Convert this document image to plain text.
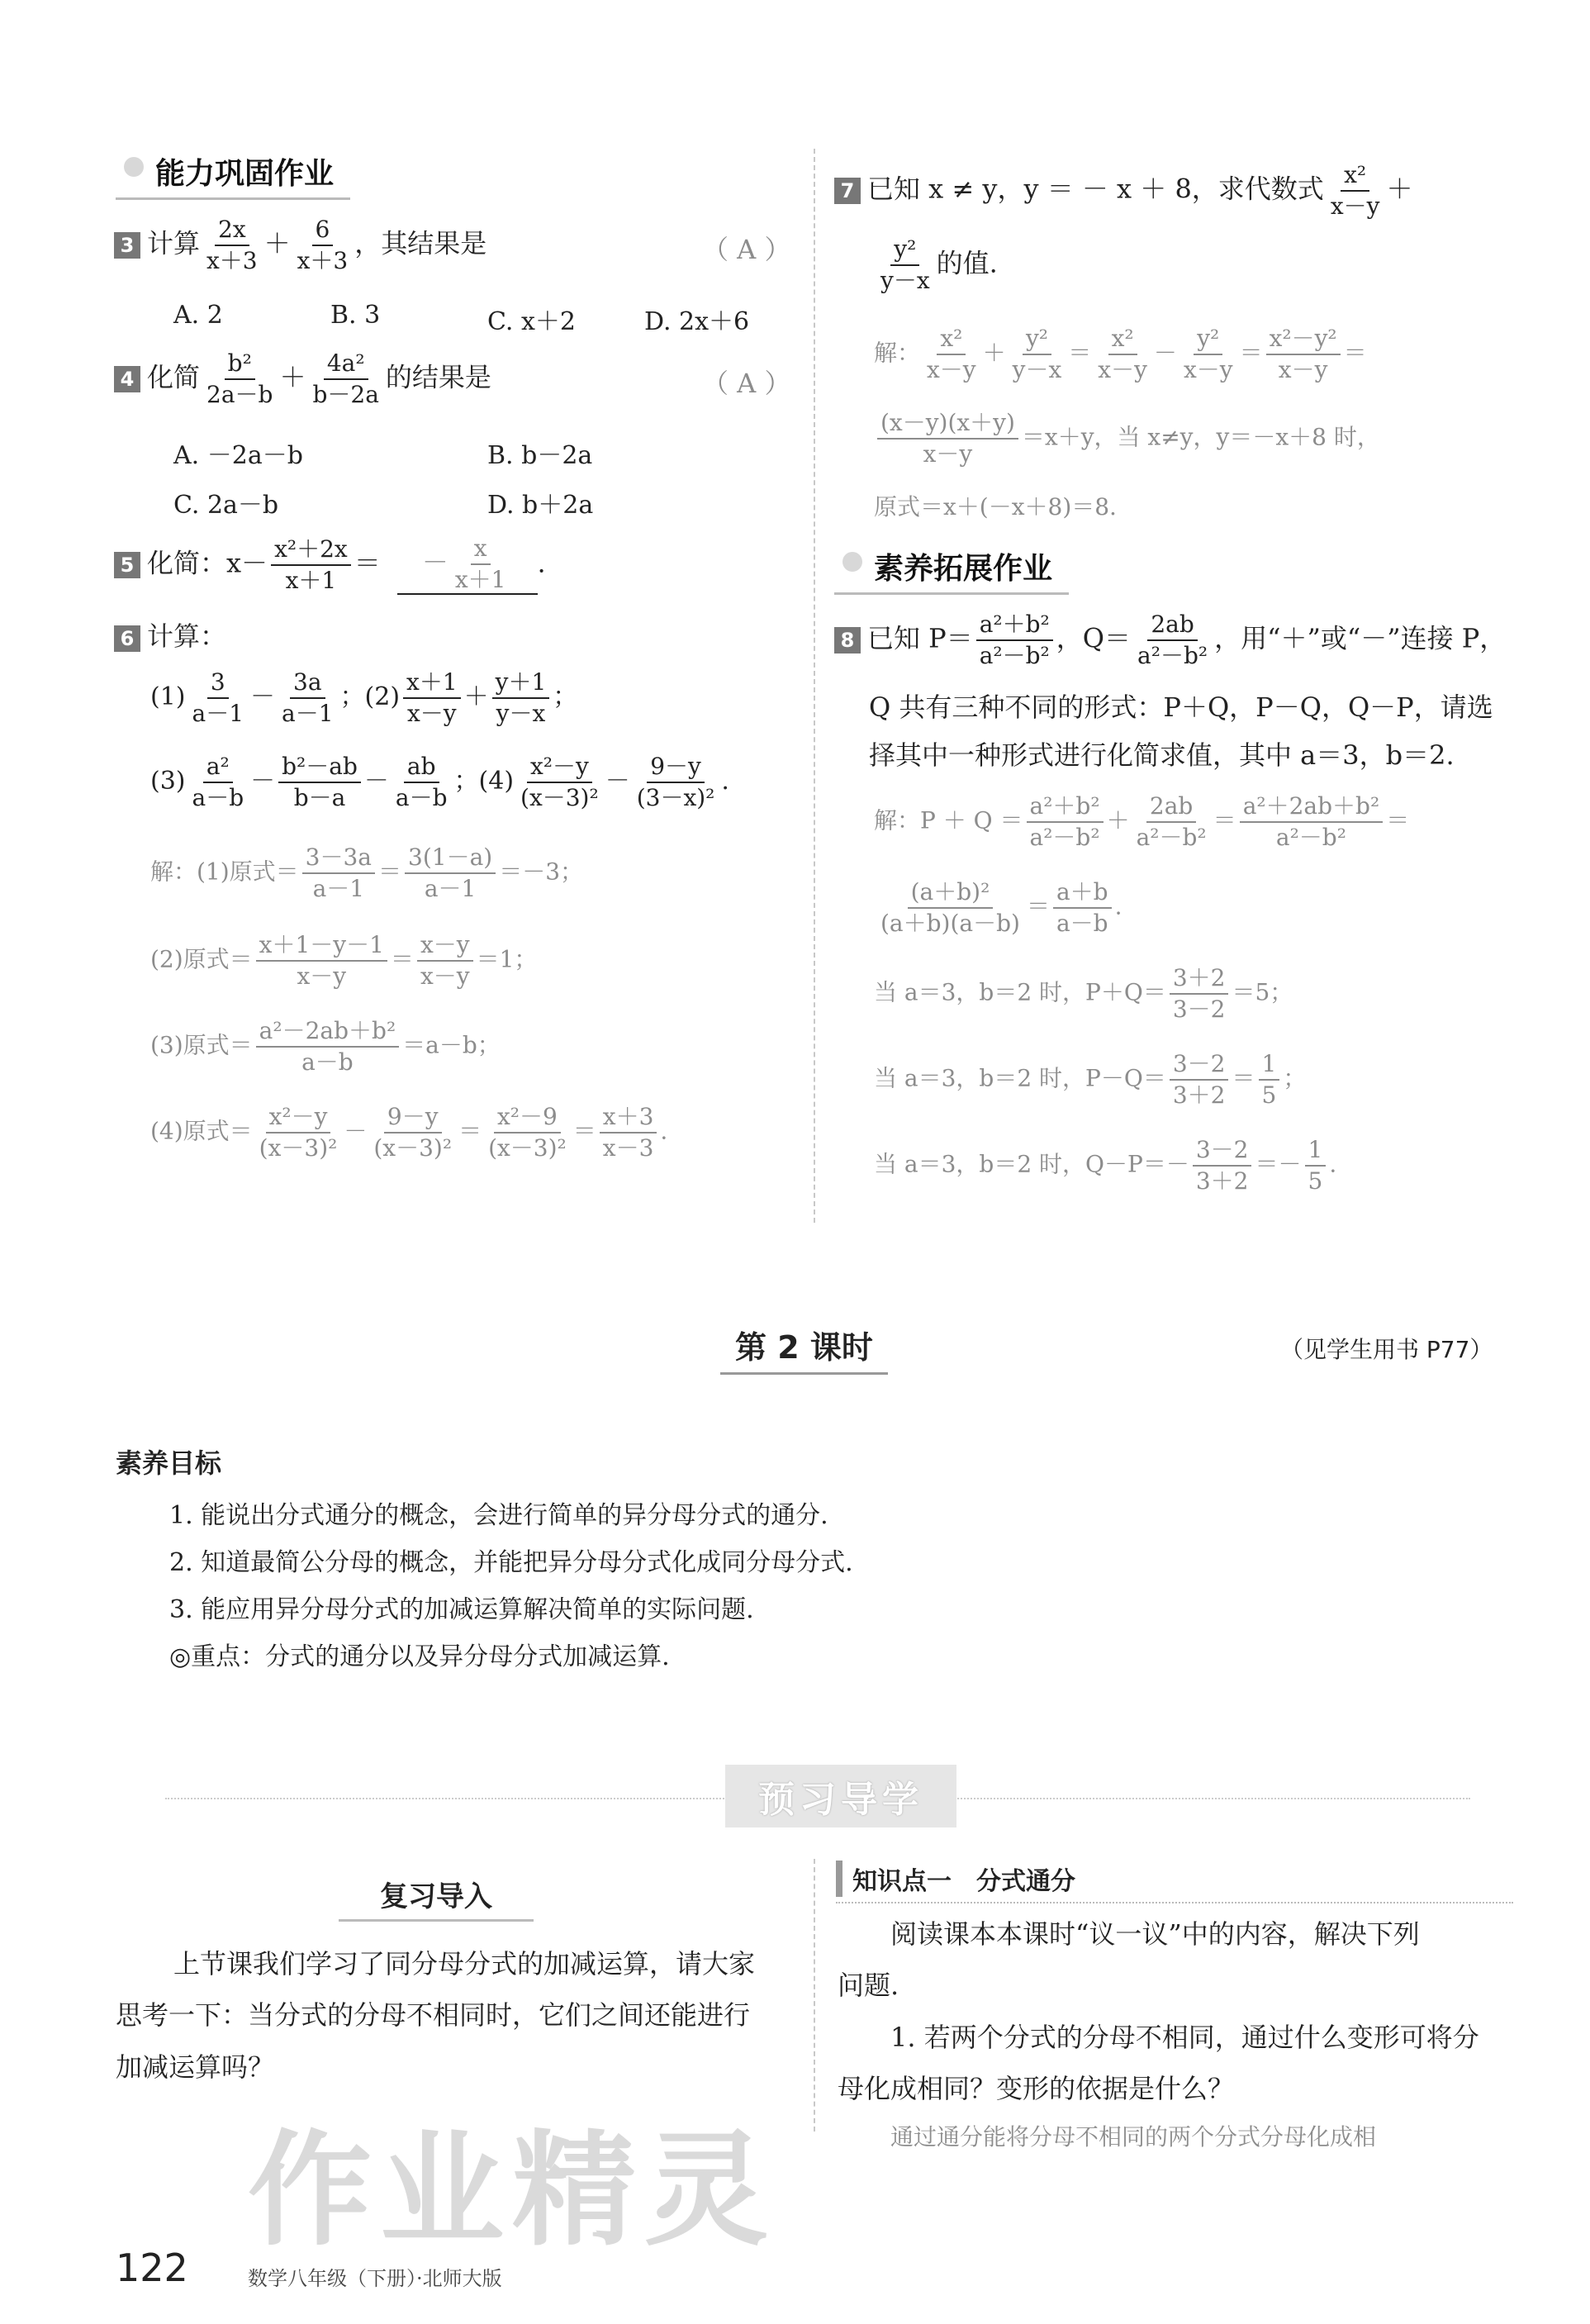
能力巩固作业
3 计算 $\frac{2x}{x+3} + \frac{6}{x+3}$ ，其结果是	（ A ）
A. 2	B. 3	C. x＋2	D. 2x＋6
4 化简 $\frac{\text{b²}}{2a-b} + \frac{\text{4a²}}{b-2a}$ 的结果是	（ A ）
A. －2a－b	B. b－2a
C. 2a－b	D. b＋2a
5 化简：$x- \frac{\text{x²＋2x}}{x+1}$ ＝ － $\frac{x}{x+1}$ .
6 计算：
$(1) \frac{3}{a-1} - \frac{3a}{a-1}$ ；$(2) \frac{x+1}{x-y} + \frac{y+1}{y-x}$ ；
$(3) \frac{\text{a²}}{a-b} - \frac{\text{b²－ab}}{b-a} - \frac{ab}{a-b}$ ；$(4) \frac{\text{x²－y}}{\text{(x－3)²}} - \frac{9-y}{\text{(3－x)²}}$ .
解：(1)原式＝ $\frac{3-3a}{a-1} = \frac{3(1-a)}{a-1} =-3$；
(2)原式＝ $\frac{x+1-y-1}{x-y} = \frac{x-y}{x-y} =1$；
(3)原式＝ $\frac{\text{a²－2ab＋b²}}{a-b} =a-b$；
(4)原式＝ $\frac{\text{x²－y}}{\text{(x－3)²}} - \frac{9-y}{\text{(x－3)²}} = \frac{\text{x²－9}}{\text{(x－3)²}} = \frac{x+3}{x-3}$ .
7 已知 x ≠ y，y ＝ － x ＋ 8，求代数式 $\frac{\text{x²}}{x-y}$ ＋
$\frac{\text{y²}}{y-x}$ 的值.
解： $\frac{\text{x²}}{x-y} + \frac{\text{y²}}{y-x} = \frac{\text{x²}}{x-y} - \frac{\text{y²}}{x-y} = \frac{\text{x²－y²}}{x-y}$ ＝
$\frac{(x-y)(x+y)}{x-y} =x+y$，当 x≠y，y＝－x＋8 时，
原式＝x＋(－x＋8)＝8.
素养拓展作业
8 已知 $P= \frac{\text{a²＋b²}}{\text{a²－b²}}$ ，$Q= \frac{2ab}{\text{a²－b²}}$ ，用“＋”或“－”连接 P，
Q 共有三种不同的形式：P＋Q，P－Q，Q－P，请选
择其中一种形式进行化简求值，其中 a＝3，b＝2.
解：$P + Q = \frac{\text{a²＋b²}}{\text{a²－b²}} + \frac{2ab}{\text{a²－b²}} = \frac{\text{a²＋2ab＋b²}}{\text{a²－b²}}$ ＝
$\frac{\text{(a＋b)²}}{(a+b)(a-b)} = \frac{a+b}{a-b}$ .
当 a＝3，b＝2 时，$P+Q= \frac{3+2}{3-2} =5$；
当 a＝3，b＝2 时，$P-Q= \frac{3-2}{3+2} = \frac{1}{5}$ ；
当 a＝3，b＝2 时，$Q-P=- \frac{3-2}{3+2} =- \frac{1}{5}$ .
第 2 课时	（见学生用书 P77）
素养目标
1. 能说出分式通分的概念，会进行简单的异分母分式的通分.
2. 知道最简公分母的概念，并能把异分母分式化成同分母分式.
3. 能应用异分母分式的加减运算解决简单的实际问题.
◎重点：分式的通分以及异分母分式加减运算.
预习导学
复习导入
上节课我们学习了同分母分式的加减运算，请大家
思考一下：当分式的分母不相同时，它们之间还能进行
加减运算吗？
知识点一　分式通分
阅读课本本课时“议一议”中的内容，解决下列
问题.
1. 若两个分式的分母不相同，通过什么变形可将分
母化成相同？变形的依据是什么？
通过通分能将分母不相同的两个分式分母化成相
作业精灵
122	数学八年级（下册）·北师大版
